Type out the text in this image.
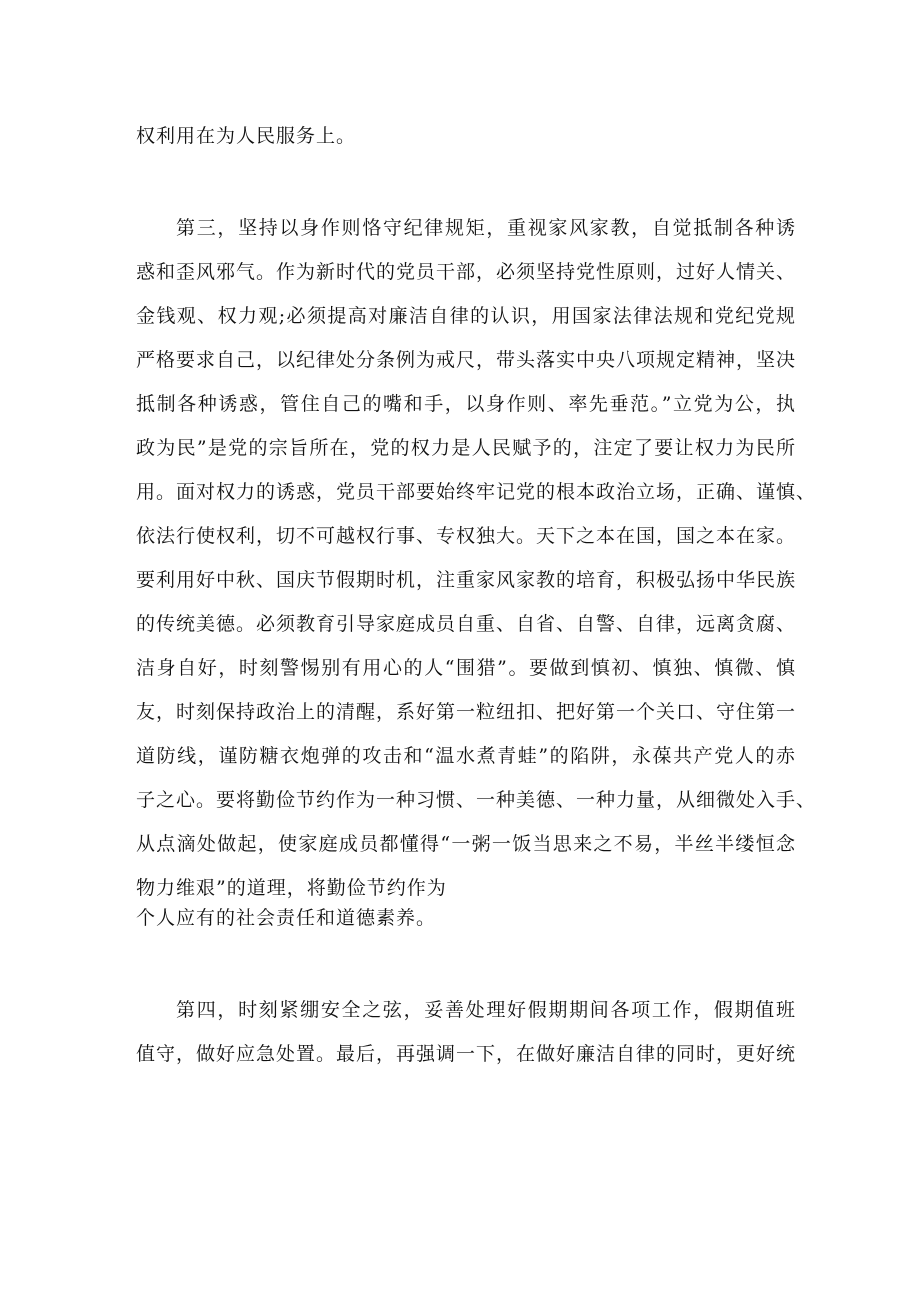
权利用在为人民服务上。
第三，坚持以身作则恪守纪律规矩，重视家风家教，自觉抵制各种诱
惑和歪风邪气。作为新时代的党员干部，必须坚持党性原则，过好人情关、
金钱观、权力观;必须提高对廉洁自律的认识，用国家法律法规和党纪党规
严格要求自己，以纪律处分条例为戒尺，带头落实中央八项规定精神，坚决
抵制各种诱惑，管住自己的嘴和手，以身作则、率先垂范。”立党为公，执
政为民”是党的宗旨所在，党的权力是人民赋予的，注定了要让权力为民所
用。面对权力的诱惑，党员干部要始终牢记党的根本政治立场，正确、谨慎、
依法行使权利，切不可越权行事、专权独大。天下之本在国，国之本在家。
要利用好中秋、国庆节假期时机，注重家风家教的培育，积极弘扬中华民族
的传统美德。必须教育引导家庭成员自重、自省、自警、自律，远离贪腐、
洁身自好，时刻警惕别有用心的人“围猎”。要做到慎初、慎独、慎微、慎
友，时刻保持政治上的清醒，系好第一粒纽扣、把好第一个关口、守住第一
道防线，谨防糖衣炮弹的攻击和“温水煮青蛙”的陷阱，永葆共产党人的赤
子之心。要将勤俭节约作为一种习惯、一种美德、一种力量，从细微处入手、
从点滴处做起，使家庭成员都懂得“一粥一饭当思来之不易，半丝半缕恒念
物力维艰”的道理，将勤俭节约作为
个人应有的社会责任和道德素养。
第四，时刻紧绷安全之弦，妥善处理好假期期间各项工作，假期值班
值守，做好应急处置。最后，再强调一下，在做好廉洁自律的同时，更好统
